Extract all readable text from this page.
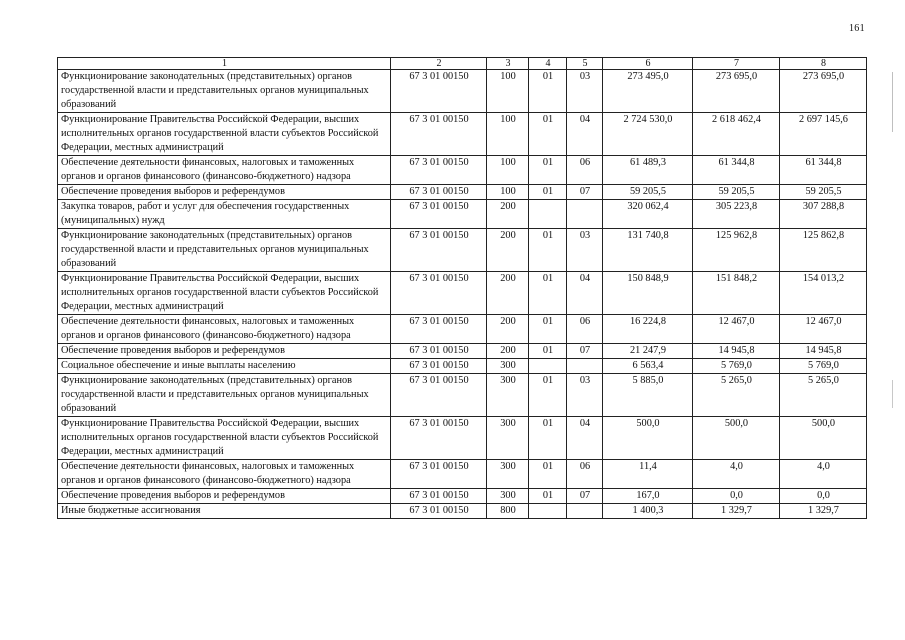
161
1	2	3	4	5	6	7	8
Функционирование законодательных (представительных) органов государственной власти и представительных органов муниципальных образований	67 3 01 00150	100	01	03	273 495,0	273 695,0	273 695,0
Функционирование Правительства Российской Федерации, высших исполнительных органов государственной власти субъектов Российской Федерации, местных администраций	67 3 01 00150	100	01	04	2 724 530,0	2 618 462,4	2 697 145,6
Обеспечение деятельности финансовых, налоговых и таможенных органов и органов финансового (финансово-бюджетного) надзора	67 3 01 00150	100	01	06	61 489,3	61 344,8	61 344,8
Обеспечение проведения выборов и референдумов	67 3 01 00150	100	01	07	59 205,5	59 205,5	59 205,5
Закупка товаров, работ и услуг для обеспечения государственных (муниципальных) нужд	67 3 01 00150	200			320 062,4	305 223,8	307 288,8
Функционирование законодательных (представительных) органов государственной власти и представительных органов муниципальных образований	67 3 01 00150	200	01	03	131 740,8	125 962,8	125 862,8
Функционирование Правительства Российской Федерации, высших исполнительных органов государственной власти субъектов Российской Федерации, местных администраций	67 3 01 00150	200	01	04	150 848,9	151 848,2	154 013,2
Обеспечение деятельности финансовых, налоговых и таможенных органов и органов финансового (финансово-бюджетного) надзора	67 3 01 00150	200	01	06	16 224,8	12 467,0	12 467,0
Обеспечение проведения выборов и референдумов	67 3 01 00150	200	01	07	21 247,9	14 945,8	14 945,8
Социальное обеспечение и иные выплаты населению	67 3 01 00150	300			6 563,4	5 769,0	5 769,0
Функционирование законодательных (представительных) органов государственной власти и представительных органов муниципальных образований	67 3 01 00150	300	01	03	5 885,0	5 265,0	5 265,0
Функционирование Правительства Российской Федерации, высших исполнительных органов государственной власти субъектов Российской Федерации, местных администраций	67 3 01 00150	300	01	04	500,0	500,0	500,0
Обеспечение деятельности финансовых, налоговых и таможенных органов и органов финансового (финансово-бюджетного) надзора	67 3 01 00150	300	01	06	11,4	4,0	4,0
Обеспечение проведения выборов и референдумов	67 3 01 00150	300	01	07	167,0	0,0	0,0
Иные бюджетные ассигнования	67 3 01 00150	800			1 400,3	1 329,7	1 329,7
